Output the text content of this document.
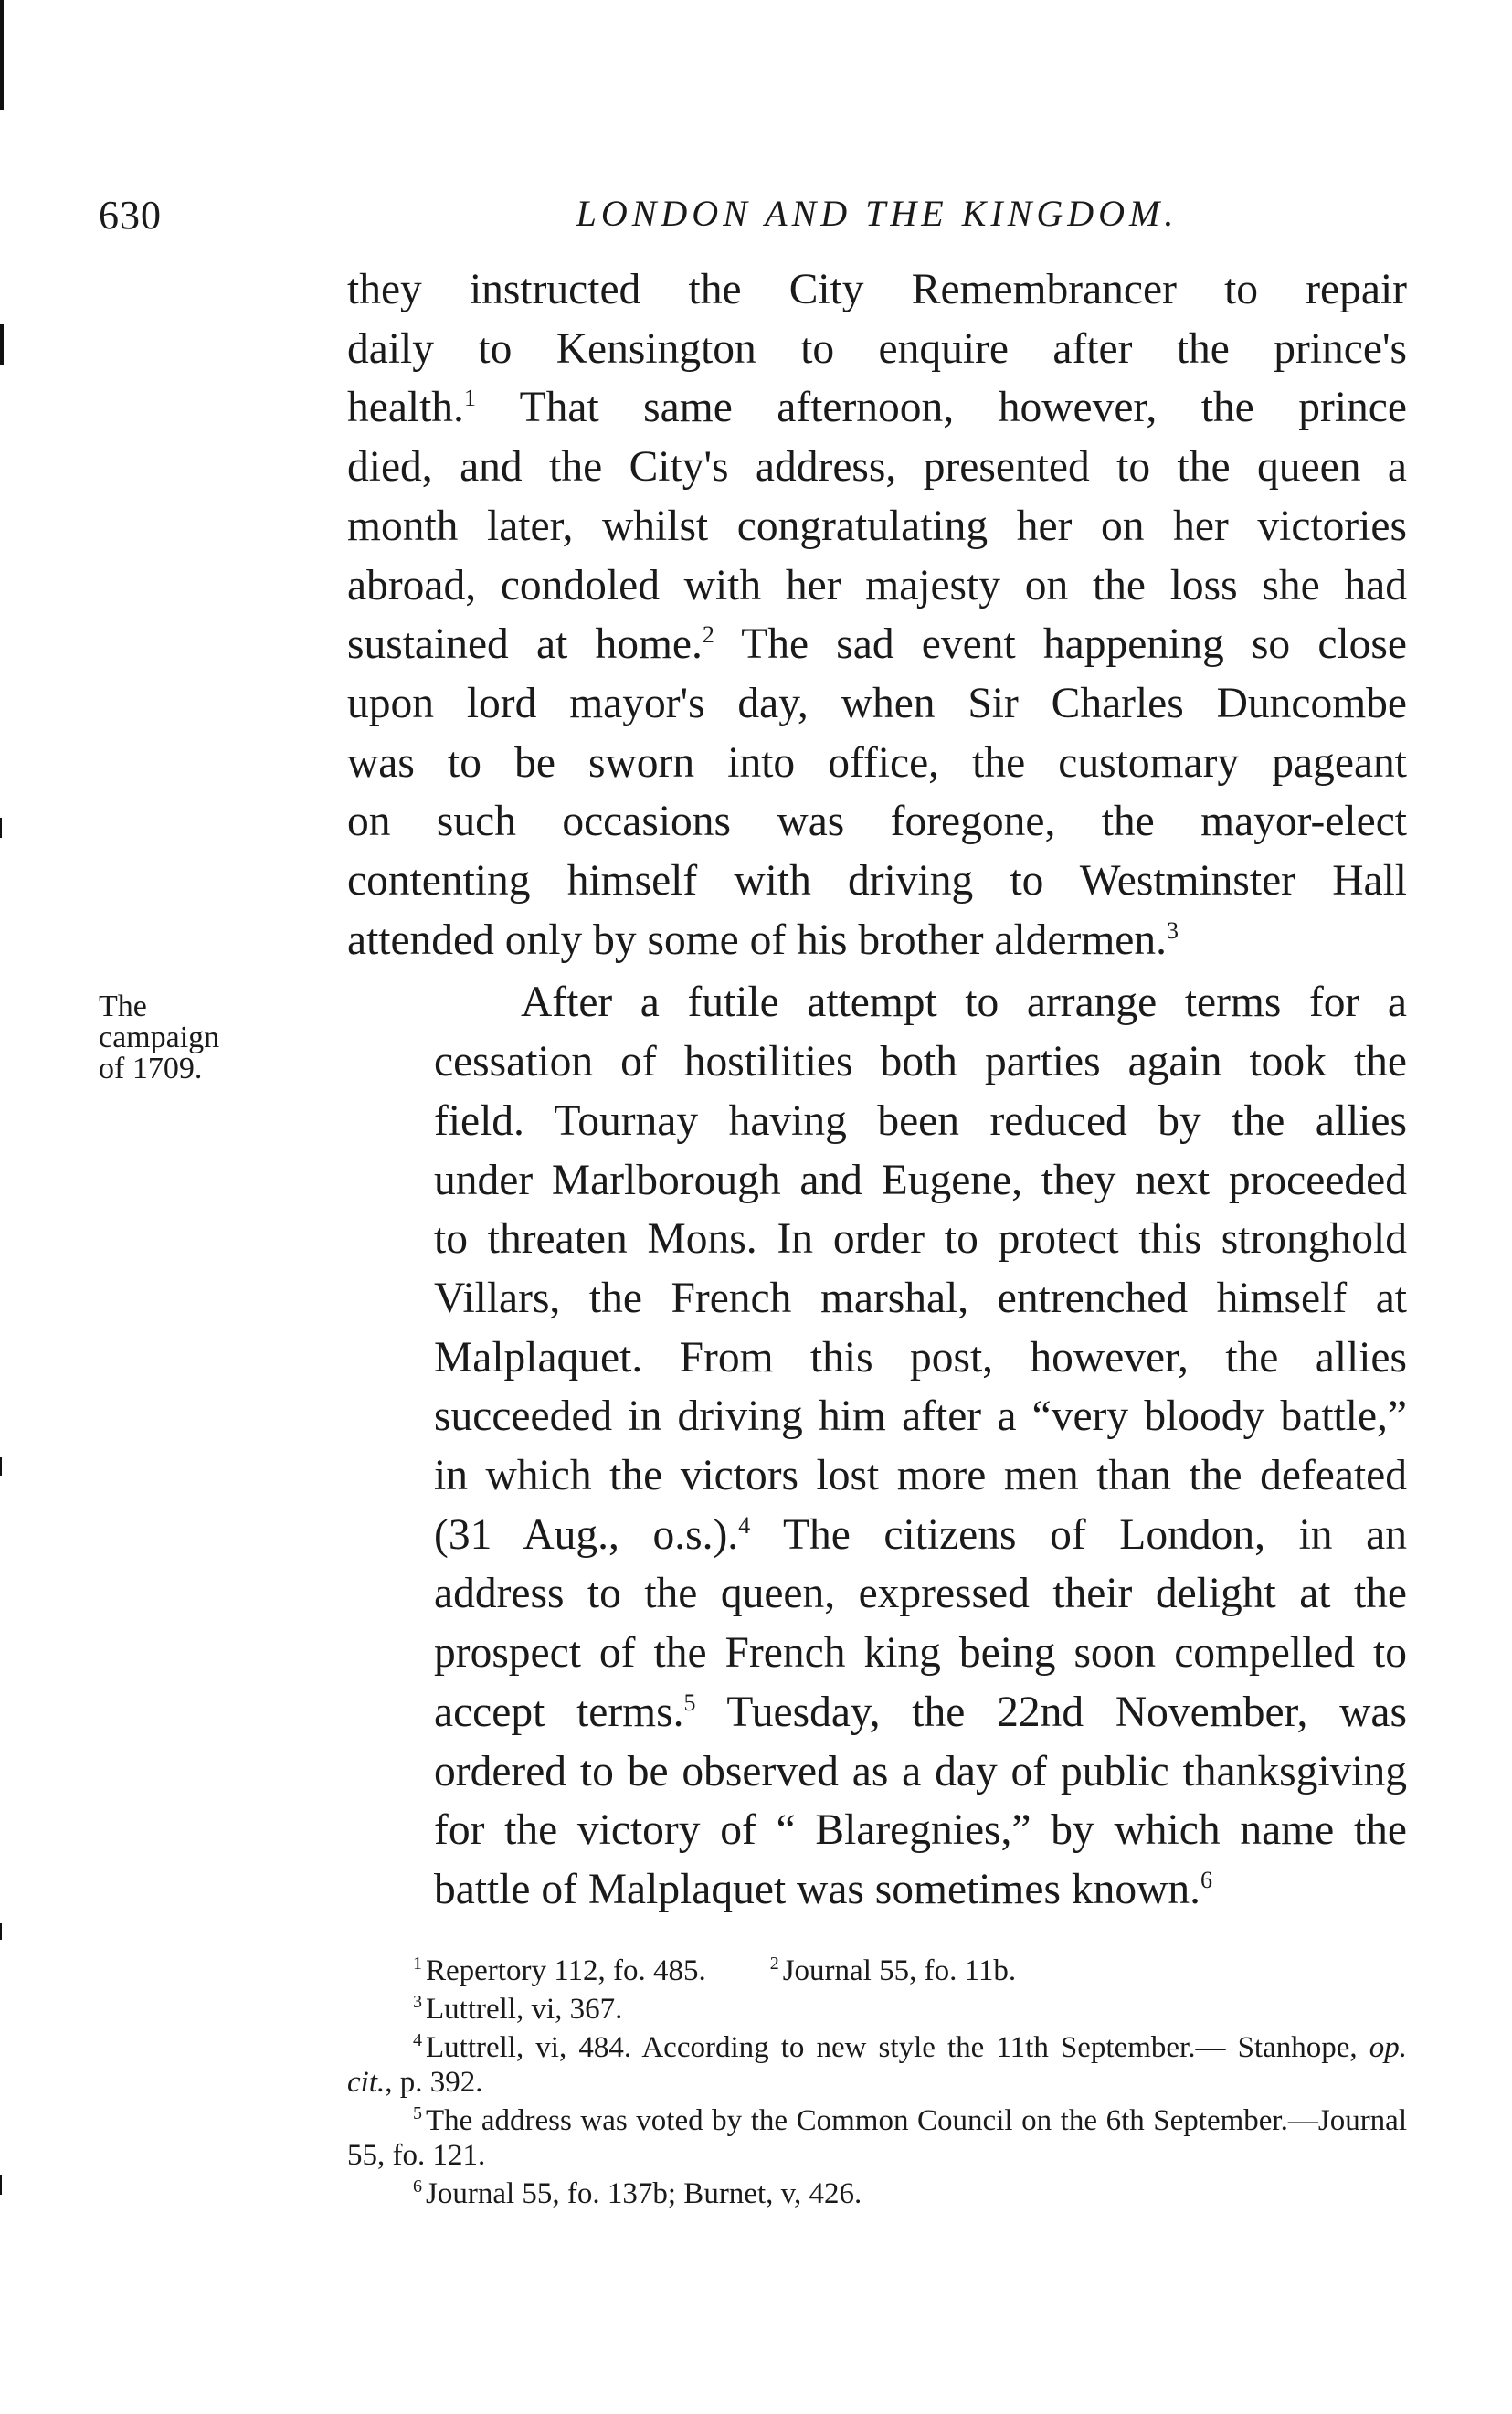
630	LONDON AND THE KINGDOM.
The
campaign
of 1709.
they instructed the City Remembrancer to repair
daily to Kensington to enquire after the prince's
health.$^1$ That same afternoon, however, the prince
died, and the City's address, presented to the queen a
month later, whilst congratulating her on her victories
abroad, condoled with her majesty on the loss she had
sustained at home.$^2$ The sad event happening so close
upon lord mayor's day, when Sir Charles Duncombe
was to be sworn into office, the customary pageant
on such occasions was foregone, the mayor-elect
contenting himself with driving to Westminster Hall
attended only by some of his brother aldermen.$^3$
After a futile attempt to arrange terms for a
cessation of hostilities both parties again took the
field. Tournay having been reduced by the allies
under Marlborough and Eugene, they next proceeded
to threaten Mons. In order to protect this stronghold
Villars, the French marshal, entrenched himself at
Malplaquet. From this post, however, the allies
succeeded in driving him after a “very bloody battle,”
in which the victors lost more men than the defeated
(31 Aug., o.s.).$^4$ The citizens of London, in an
address to the queen, expressed their delight at the
prospect of the French king being soon compelled to
accept terms.$^5$ Tuesday, the 22nd November, was
ordered to be observed as a day of public thanksgiving
for the victory of “ Blaregnies,” by which name the
battle of Malplaquet was sometimes known.$^6$
$^1$ Repertory 112, fo. 485.	$^2$ Journal 55, fo. 11b.

$^3$ Luttrell, vi, 367.

$^4$ Luttrell, vi, 484. According to new style the 11th September.— Stanhope, op. cit., p. 392.

$^5$ The address was voted by the Common Council on the 6th September.—Journal 55, fo. 121.

$^6$ Journal 55, fo. 137b; Burnet, v, 426.
